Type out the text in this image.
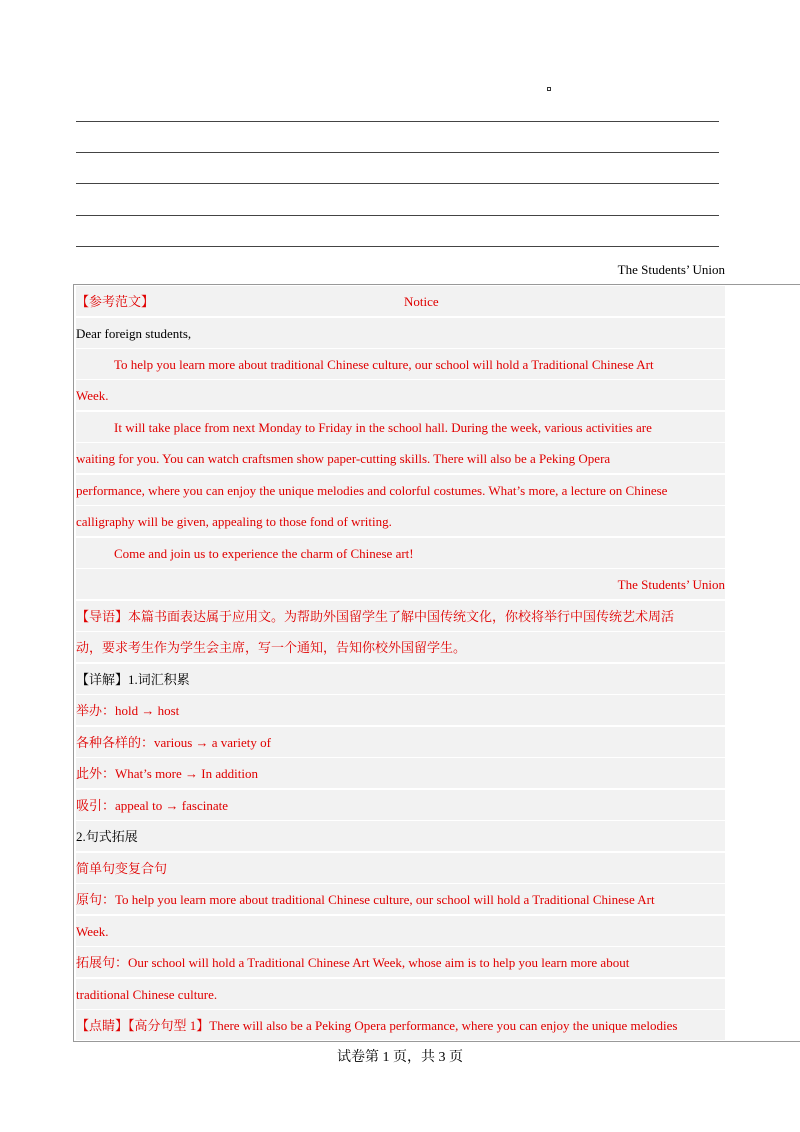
The Students’ Union
【参考范文】	Notice
Dear foreign students,
To help you learn more about traditional Chinese culture, our school will hold a Traditional Chinese Art
Week.
It will take place from next Monday to Friday in the school hall. During the week, various activities are
waiting for you. You can watch craftsmen show paper-cutting skills. There will also be a Peking Opera
performance, where you can enjoy the unique melodies and colorful costumes. What’s more, a lecture on Chinese
calligraphy will be given, appealing to those fond of writing.
Come and join us to experience the charm of Chinese art!
The Students’ Union
【导语】本篇书面表达属于应用文。为帮助外国留学生了解中国传统文化，你校将举行中国传统艺术周活
动，要求考生作为学生会主席，写一个通知，告知你校外国留学生。
【详解】1.词汇积累
举办：hold → host
各种各样的：various → a variety of
此外：What’s more → In addition
吸引：appeal to → fascinate
2.句式拓展
简单句变复合句
原句：To help you learn more about traditional Chinese culture, our school will hold a Traditional Chinese Art
Week.
拓展句：Our school will hold a Traditional Chinese Art Week, whose aim is to help you learn more about
traditional Chinese culture.
【点睛】【高分句型 1】There will also be a Peking Opera performance, where you can enjoy the unique melodies
试卷第 1 页，共 3 页
